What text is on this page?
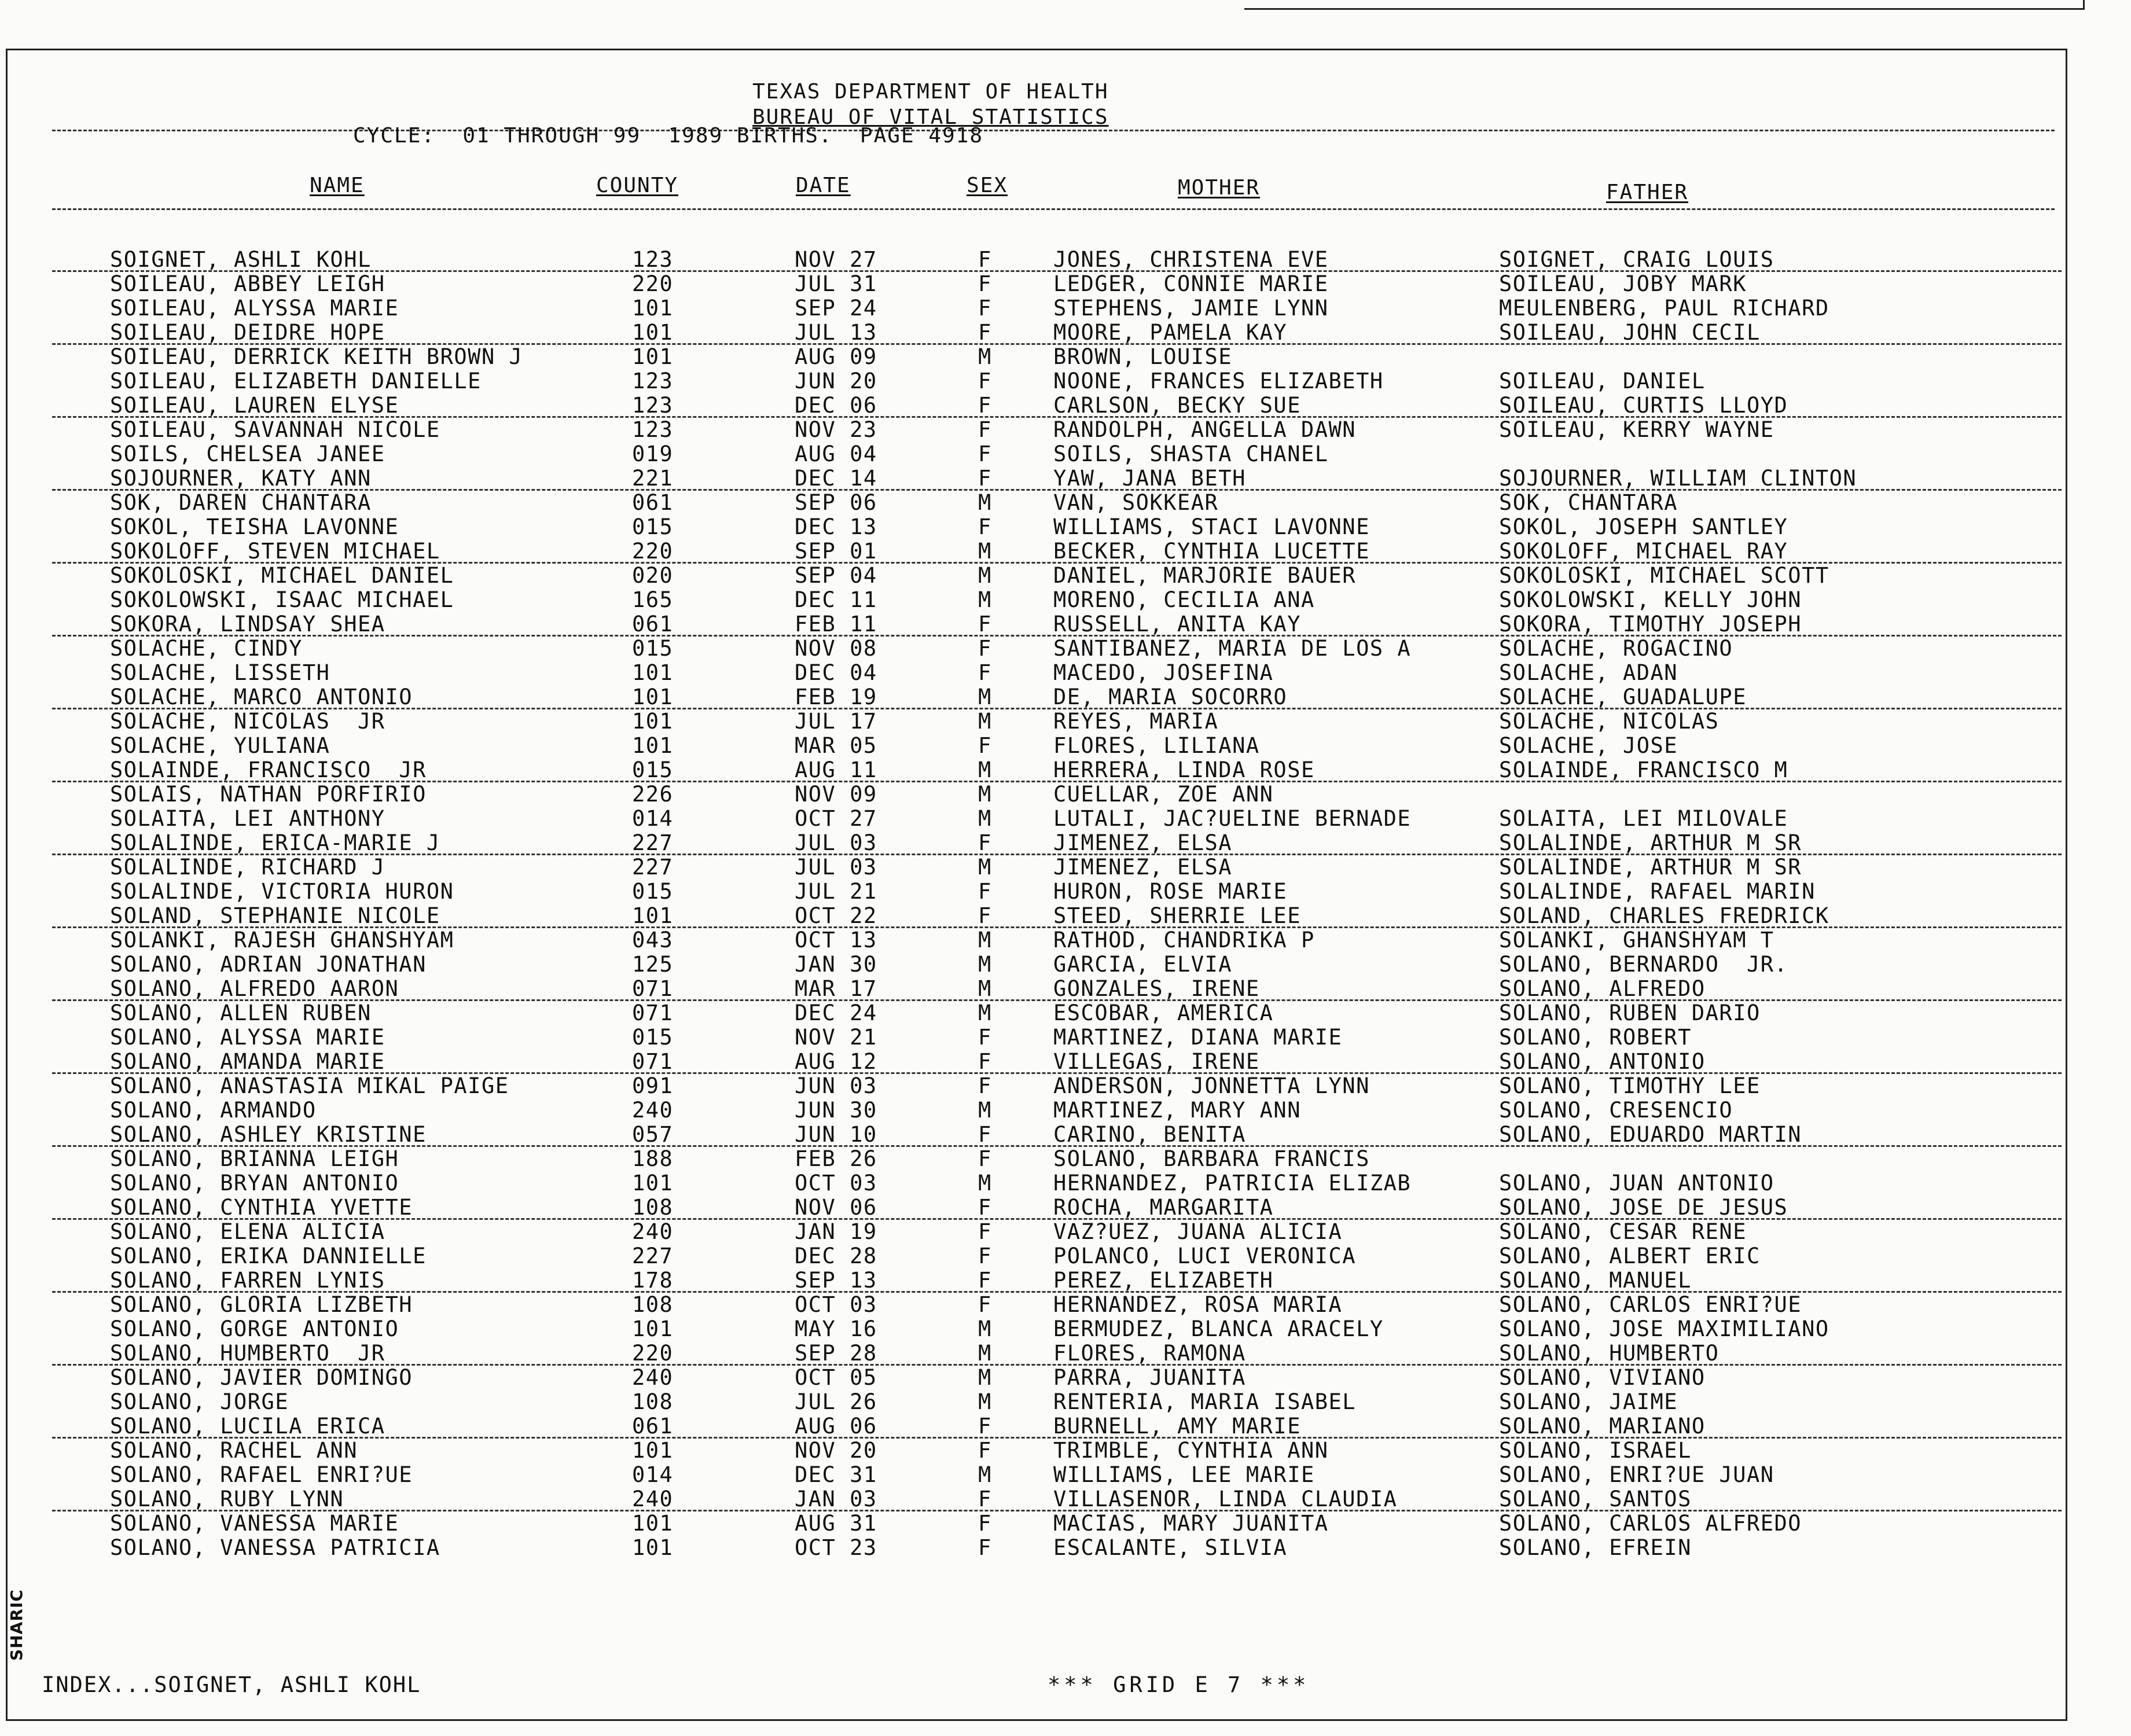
SHARIC
TEXAS DEPARTMENT OF HEALTH
BUREAU OF VITAL STATISTICS
CYCLE:  01 THROUGH 99  1989 BIRTHS.  PAGE 4918
NAME	COUNTY	DATE	SEX	MOTHER	FATHER
SOIGNET, ASHLI KOHL	123	NOV 27	F	JONES, CHRISTENA EVE	SOIGNET, CRAIG LOUIS
SOILEAU, ABBEY LEIGH	220	JUL 31	F	LEDGER, CONNIE MARIE	SOILEAU, JOBY MARK
SOILEAU, ALYSSA MARIE	101	SEP 24	F	STEPHENS, JAMIE LYNN	MEULENBERG, PAUL RICHARD
SOILEAU, DEIDRE HOPE	101	JUL 13	F	MOORE, PAMELA KAY	SOILEAU, JOHN CECIL
SOILEAU, DERRICK KEITH BROWN J	101	AUG 09	M	BROWN, LOUISE
SOILEAU, ELIZABETH DANIELLE	123	JUN 20	F	NOONE, FRANCES ELIZABETH	SOILEAU, DANIEL
SOILEAU, LAUREN ELYSE	123	DEC 06	F	CARLSON, BECKY SUE	SOILEAU, CURTIS LLOYD
SOILEAU, SAVANNAH NICOLE	123	NOV 23	F	RANDOLPH, ANGELLA DAWN	SOILEAU, KERRY WAYNE
SOILS, CHELSEA JANEE	019	AUG 04	F	SOILS, SHASTA CHANEL
SOJOURNER, KATY ANN	221	DEC 14	F	YAW, JANA BETH	SOJOURNER, WILLIAM CLINTON
SOK, DAREN CHANTARA	061	SEP 06	M	VAN, SOKKEAR	SOK, CHANTARA
SOKOL, TEISHA LAVONNE	015	DEC 13	F	WILLIAMS, STACI LAVONNE	SOKOL, JOSEPH SANTLEY
SOKOLOFF, STEVEN MICHAEL	220	SEP 01	M	BECKER, CYNTHIA LUCETTE	SOKOLOFF, MICHAEL RAY
SOKOLOSKI, MICHAEL DANIEL	020	SEP 04	M	DANIEL, MARJORIE BAUER	SOKOLOSKI, MICHAEL SCOTT
SOKOLOWSKI, ISAAC MICHAEL	165	DEC 11	M	MORENO, CECILIA ANA	SOKOLOWSKI, KELLY JOHN
SOKORA, LINDSAY SHEA	061	FEB 11	F	RUSSELL, ANITA KAY	SOKORA, TIMOTHY JOSEPH
SOLACHE, CINDY	015	NOV 08	F	SANTIBANEZ, MARIA DE LOS A	SOLACHE, ROGACINO
SOLACHE, LISSETH	101	DEC 04	F	MACEDO, JOSEFINA	SOLACHE, ADAN
SOLACHE, MARCO ANTONIO	101	FEB 19	M	DE, MARIA SOCORRO	SOLACHE, GUADALUPE
SOLACHE, NICOLAS  JR	101	JUL 17	M	REYES, MARIA	SOLACHE, NICOLAS
SOLACHE, YULIANA	101	MAR 05	F	FLORES, LILIANA	SOLACHE, JOSE
SOLAINDE, FRANCISCO  JR	015	AUG 11	M	HERRERA, LINDA ROSE	SOLAINDE, FRANCISCO M
SOLAIS, NATHAN PORFIRIO	226	NOV 09	M	CUELLAR, ZOE ANN
SOLAITA, LEI ANTHONY	014	OCT 27	M	LUTALI, JAC?UELINE BERNADE	SOLAITA, LEI MILOVALE
SOLALINDE, ERICA-MARIE J	227	JUL 03	F	JIMENEZ, ELSA	SOLALINDE, ARTHUR M SR
SOLALINDE, RICHARD J	227	JUL 03	M	JIMENEZ, ELSA	SOLALINDE, ARTHUR M SR
SOLALINDE, VICTORIA HURON	015	JUL 21	F	HURON, ROSE MARIE	SOLALINDE, RAFAEL MARIN
SOLAND, STEPHANIE NICOLE	101	OCT 22	F	STEED, SHERRIE LEE	SOLAND, CHARLES FREDRICK
SOLANKI, RAJESH GHANSHYAM	043	OCT 13	M	RATHOD, CHANDRIKA P	SOLANKI, GHANSHYAM T
SOLANO, ADRIAN JONATHAN	125	JAN 30	M	GARCIA, ELVIA	SOLANO, BERNARDO  JR.
SOLANO, ALFREDO AARON	071	MAR 17	M	GONZALES, IRENE	SOLANO, ALFREDO
SOLANO, ALLEN RUBEN	071	DEC 24	M	ESCOBAR, AMERICA	SOLANO, RUBEN DARIO
SOLANO, ALYSSA MARIE	015	NOV 21	F	MARTINEZ, DIANA MARIE	SOLANO, ROBERT
SOLANO, AMANDA MARIE	071	AUG 12	F	VILLEGAS, IRENE	SOLANO, ANTONIO
SOLANO, ANASTASIA MIKAL PAIGE	091	JUN 03	F	ANDERSON, JONNETTA LYNN	SOLANO, TIMOTHY LEE
SOLANO, ARMANDO	240	JUN 30	M	MARTINEZ, MARY ANN	SOLANO, CRESENCIO
SOLANO, ASHLEY KRISTINE	057	JUN 10	F	CARINO, BENITA	SOLANO, EDUARDO MARTIN
SOLANO, BRIANNA LEIGH	188	FEB 26	F	SOLANO, BARBARA FRANCIS
SOLANO, BRYAN ANTONIO	101	OCT 03	M	HERNANDEZ, PATRICIA ELIZAB	SOLANO, JUAN ANTONIO
SOLANO, CYNTHIA YVETTE	108	NOV 06	F	ROCHA, MARGARITA	SOLANO, JOSE DE JESUS
SOLANO, ELENA ALICIA	240	JAN 19	F	VAZ?UEZ, JUANA ALICIA	SOLANO, CESAR RENE
SOLANO, ERIKA DANNIELLE	227	DEC 28	F	POLANCO, LUCI VERONICA	SOLANO, ALBERT ERIC
SOLANO, FARREN LYNIS	178	SEP 13	F	PEREZ, ELIZABETH	SOLANO, MANUEL
SOLANO, GLORIA LIZBETH	108	OCT 03	F	HERNANDEZ, ROSA MARIA	SOLANO, CARLOS ENRI?UE
SOLANO, GORGE ANTONIO	101	MAY 16	M	BERMUDEZ, BLANCA ARACELY	SOLANO, JOSE MAXIMILIANO
SOLANO, HUMBERTO  JR	220	SEP 28	M	FLORES, RAMONA	SOLANO, HUMBERTO
SOLANO, JAVIER DOMINGO	240	OCT 05	M	PARRA, JUANITA	SOLANO, VIVIANO
SOLANO, JORGE	108	JUL 26	M	RENTERIA, MARIA ISABEL	SOLANO, JAIME
SOLANO, LUCILA ERICA	061	AUG 06	F	BURNELL, AMY MARIE	SOLANO, MARIANO
SOLANO, RACHEL ANN	101	NOV 20	F	TRIMBLE, CYNTHIA ANN	SOLANO, ISRAEL
SOLANO, RAFAEL ENRI?UE	014	DEC 31	M	WILLIAMS, LEE MARIE	SOLANO, ENRI?UE JUAN
SOLANO, RUBY LYNN	240	JAN 03	F	VILLASENOR, LINDA CLAUDIA	SOLANO, SANTOS
SOLANO, VANESSA MARIE	101	AUG 31	F	MACIAS, MARY JUANITA	SOLANO, CARLOS ALFREDO
SOLANO, VANESSA PATRICIA	101	OCT 23	F	ESCALANTE, SILVIA	SOLANO, EFREIN
INDEX...SOIGNET, ASHLI KOHL	*** GRID E 7 ***
